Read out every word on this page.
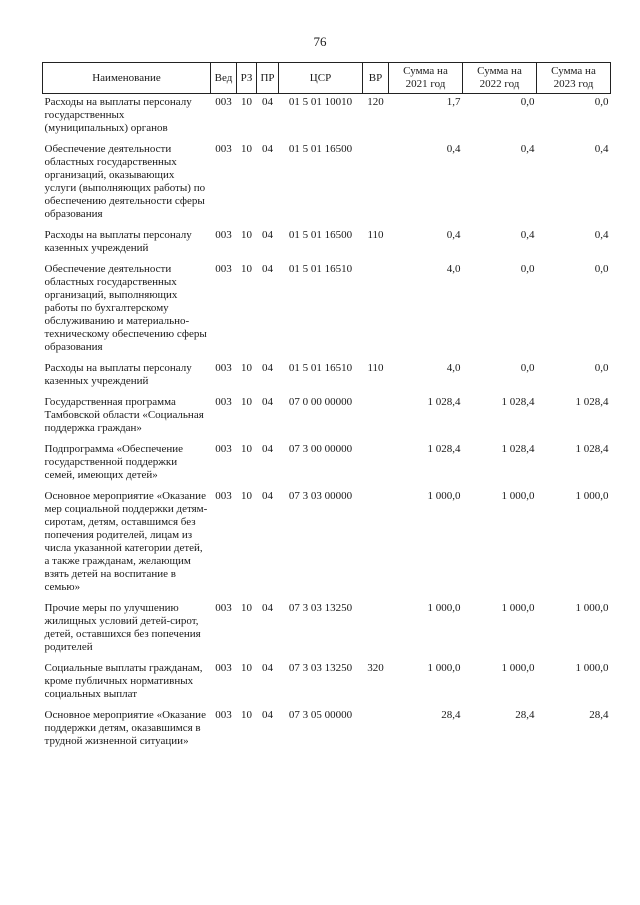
76
Наименование	Вед	РЗ	ПР	ЦСР	ВР	Сумма на 2021 год	Сумма на 2022 год	Сумма на 2023 год
Расходы на выплаты персоналу государственных (муниципальных) органов	003	10	04	01 5 01 10010	120	1,7	0,0	0,0
Обеспечение деятельности областных государственных организаций, оказывающих услуги (выполняющих работы) по обеспечению деятельности сферы образования	003	10	04	01 5 01 16500		0,4	0,4	0,4
Расходы на выплаты персоналу казенных учреждений	003	10	04	01 5 01 16500	110	0,4	0,4	0,4
Обеспечение деятельности областных государственных организаций, выполняющих работы по бухгалтерскому обслуживанию и материально-техническому обеспечению сферы образования	003	10	04	01 5 01 16510		4,0	0,0	0,0
Расходы на выплаты персоналу казенных учреждений	003	10	04	01 5 01 16510	110	4,0	0,0	0,0
Государственная программа Тамбовской области «Социальная поддержка граждан»	003	10	04	07 0 00 00000		1 028,4	1 028,4	1 028,4
Подпрограмма «Обеспечение государственной поддержки семей, имеющих детей»	003	10	04	07 3 00 00000		1 028,4	1 028,4	1 028,4
Основное мероприятие «Оказание мер социальной поддержки детям-сиротам, детям, оставшимся без попечения родителей, лицам из числа указанной категории детей, а также гражданам, желающим взять детей на воспитание в семью»	003	10	04	07 3 03 00000		1 000,0	1 000,0	1 000,0
Прочие меры по улучшению жилищных условий детей-сирот, детей, оставшихся без попечения родителей	003	10	04	07 3 03 13250		1 000,0	1 000,0	1 000,0
Социальные выплаты гражданам, кроме публичных нормативных социальных выплат	003	10	04	07 3 03 13250	320	1 000,0	1 000,0	1 000,0
Основное мероприятие «Оказание поддержки детям, оказавшимся в трудной жизненной ситуации»	003	10	04	07 3 05 00000		28,4	28,4	28,4
